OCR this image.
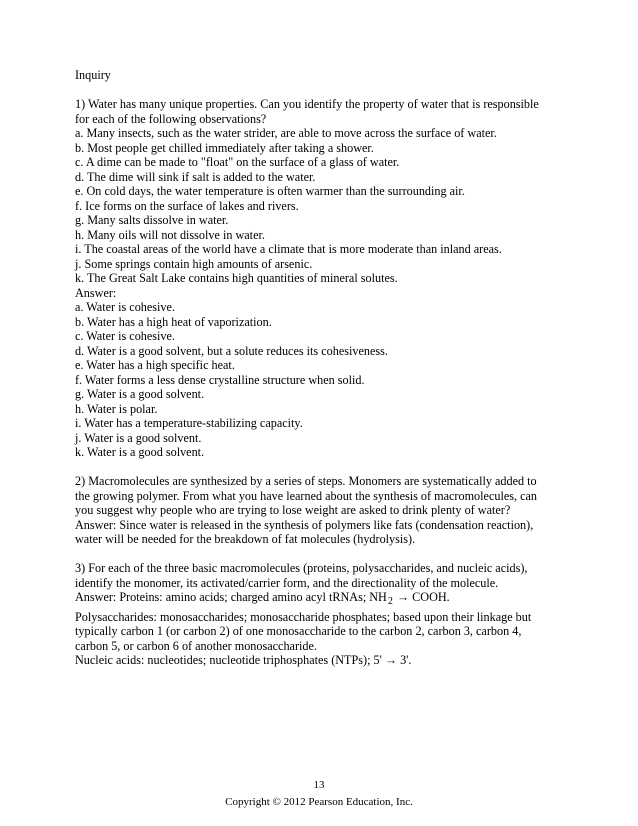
Inquiry
1) Water has many unique properties. Can you identify the property of water that is responsible
for each of the following observations?
a. Many insects, such as the water strider, are able to move across the surface of water.
b. Most people get chilled immediately after taking a shower.
c. A dime can be made to "float" on the surface of a glass of water.
d. The dime will sink if salt is added to the water.
e. On cold days, the water temperature is often warmer than the surrounding air.
f. Ice forms on the surface of lakes and rivers.
g. Many salts dissolve in water.
h. Many oils will not dissolve in water.
i. The coastal areas of the world have a climate that is more moderate than inland areas.
j. Some springs contain high amounts of arsenic.
k. The Great Salt Lake contains high quantities of mineral solutes.
Answer:
a. Water is cohesive.
b. Water has a high heat of vaporization.
c. Water is cohesive.
d. Water is a good solvent, but a solute reduces its cohesiveness.
e. Water has a high specific heat.
f. Water forms a less dense crystalline structure when solid.
g. Water is a good solvent.
h. Water is polar.
i. Water has a temperature-stabilizing capacity.
j. Water is a good solvent.
k. Water is a good solvent.
2) Macromolecules are synthesized by a series of steps. Monomers are systematically added to
the growing polymer. From what you have learned about the synthesis of macromolecules, can
you suggest why people who are trying to lose weight are asked to drink plenty of water?
Answer: Since water is released in the synthesis of polymers like fats (condensation reaction),
water will be needed for the breakdown of fat molecules (hydrolysis).
3) For each of the three basic macromolecules (proteins, polysaccharides, and nucleic acids),
identify the monomer, its activated/carrier form, and the directionality of the molecule.
Answer: Proteins: amino acids; charged amino acyl tRNAs; $NH_2$ → COOH.
Polysaccharides: monosaccharides; monosaccharide phosphates; based upon their linkage but
typically carbon 1 (or carbon 2) of one monosaccharide to the carbon 2, carbon 3, carbon 4,
carbon 5, or carbon 6 of another monosaccharide.
Nucleic acids: nucleotides; nucleotide triphosphates (NTPs); 5' → 3'.
13
Copyright © 2012 Pearson Education, Inc.
